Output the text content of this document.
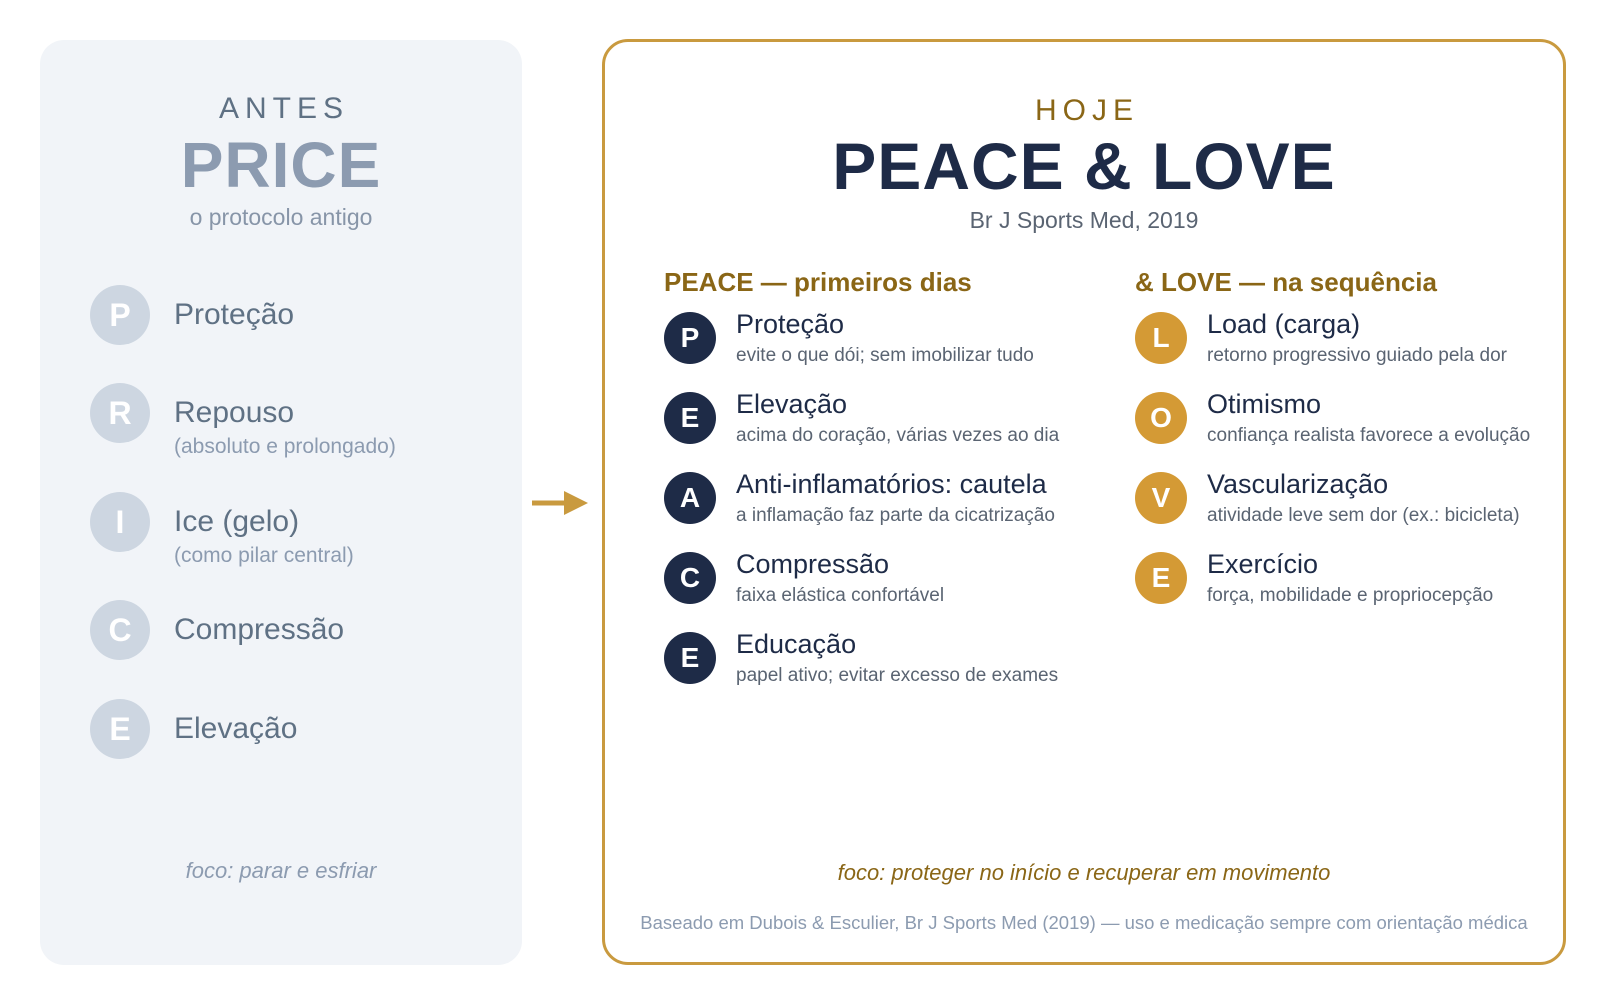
ANTES
PRICE
o protocolo antigo
P	Proteção
R	Repouso
(absoluto e prolongado)
I	Ice (gelo)
(como pilar central)
C	Compressão
E	Elevação
foco: parar e esfriar
HOJE
PEACE & LOVE
Br J Sports Med, 2019
PEACE — primeiros dias	& LOVE — na sequência
P	Proteção
evite o que dói; sem imobilizar tudo
E	Elevação
acima do coração, várias vezes ao dia
A	Anti-inflamatórios: cautela
a inflamação faz parte da cicatrização
C	Compressão
faixa elástica confortável
E	Educação
papel ativo; evitar excesso de exames
L	Load (carga)
retorno progressivo guiado pela dor
O	Otimismo
confiança realista favorece a evolução
V	Vascularização
atividade leve sem dor (ex.: bicicleta)
E	Exercício
força, mobilidade e propriocepção
foco: proteger no início e recuperar em movimento
Baseado em Dubois & Esculier, Br J Sports Med (2019) — uso e medicação sempre com orientação médica
